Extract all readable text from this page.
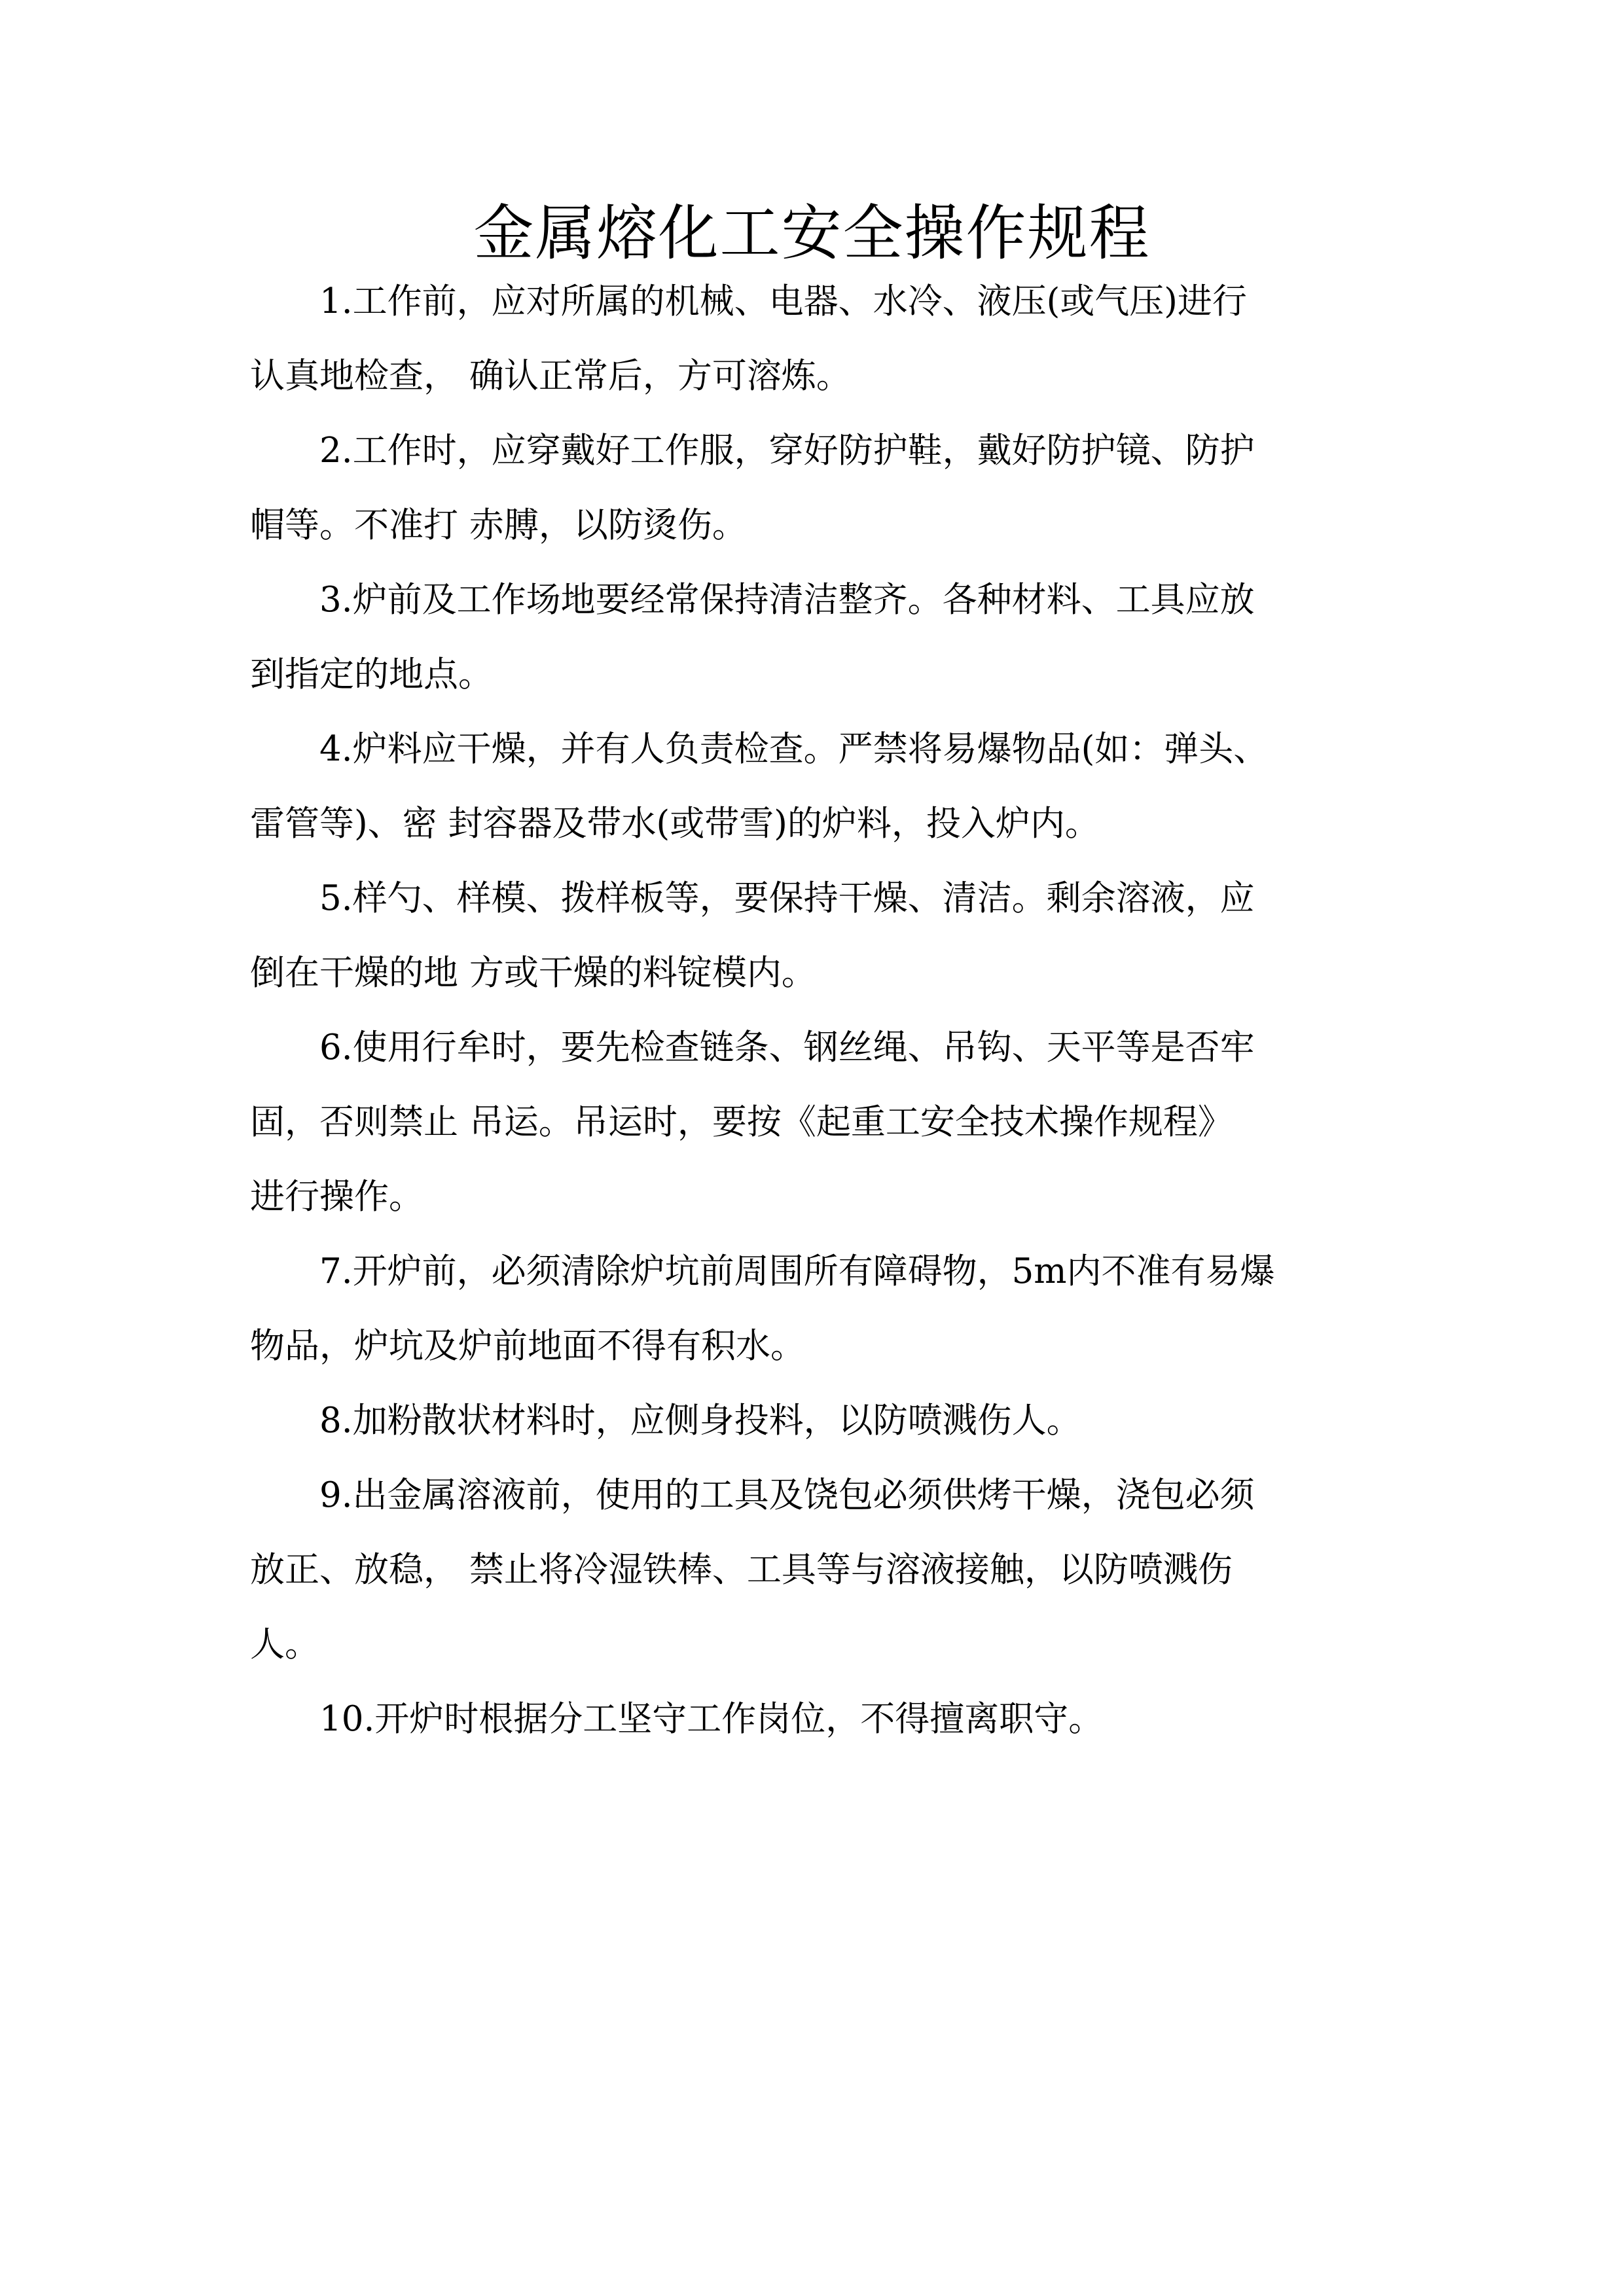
金属熔化工安全操作规程
1.工作前，应对所属的机械、电器、水冷、液压(或气压)进行
认真地检查， 确认正常后，方可溶炼。
2.工作时，应穿戴好工作服，穿好防护鞋，戴好防护镜、防护
帽等。不准打 赤膊，以防烫伤。
3.炉前及工作场地要经常保持清洁整齐。各种材料、工具应放
到指定的地点。
4.炉料应干燥，并有人负责检查。严禁将易爆物品(如：弹头、
雷管等)、密 封容器及带水(或带雪)的炉料，投入炉内。
5.样勺、样模、拨样板等，要保持干燥、清洁。剩余溶液，应
倒在干燥的地 方或干燥的料锭模内。
6.使用行牟时，要先检查链条、钢丝绳、吊钩、天平等是否牢
固，否则禁止 吊运。吊运时，要按《起重工安全技术操作规程》
进行操作。
7.开炉前，必须清除炉坑前周围所有障碍物，5m内不准有易爆
物品，炉坑及炉前地面不得有积水。
8.加粉散状材料时，应侧身投料，以防喷溅伤人。
9.出金属溶液前，使用的工具及饶包必须供烤干燥，浇包必须
放正、放稳， 禁止将冷湿铁棒、工具等与溶液接触，以防喷溅伤
人。
10.开炉时根据分工坚守工作岗位，不得擅离职守。
